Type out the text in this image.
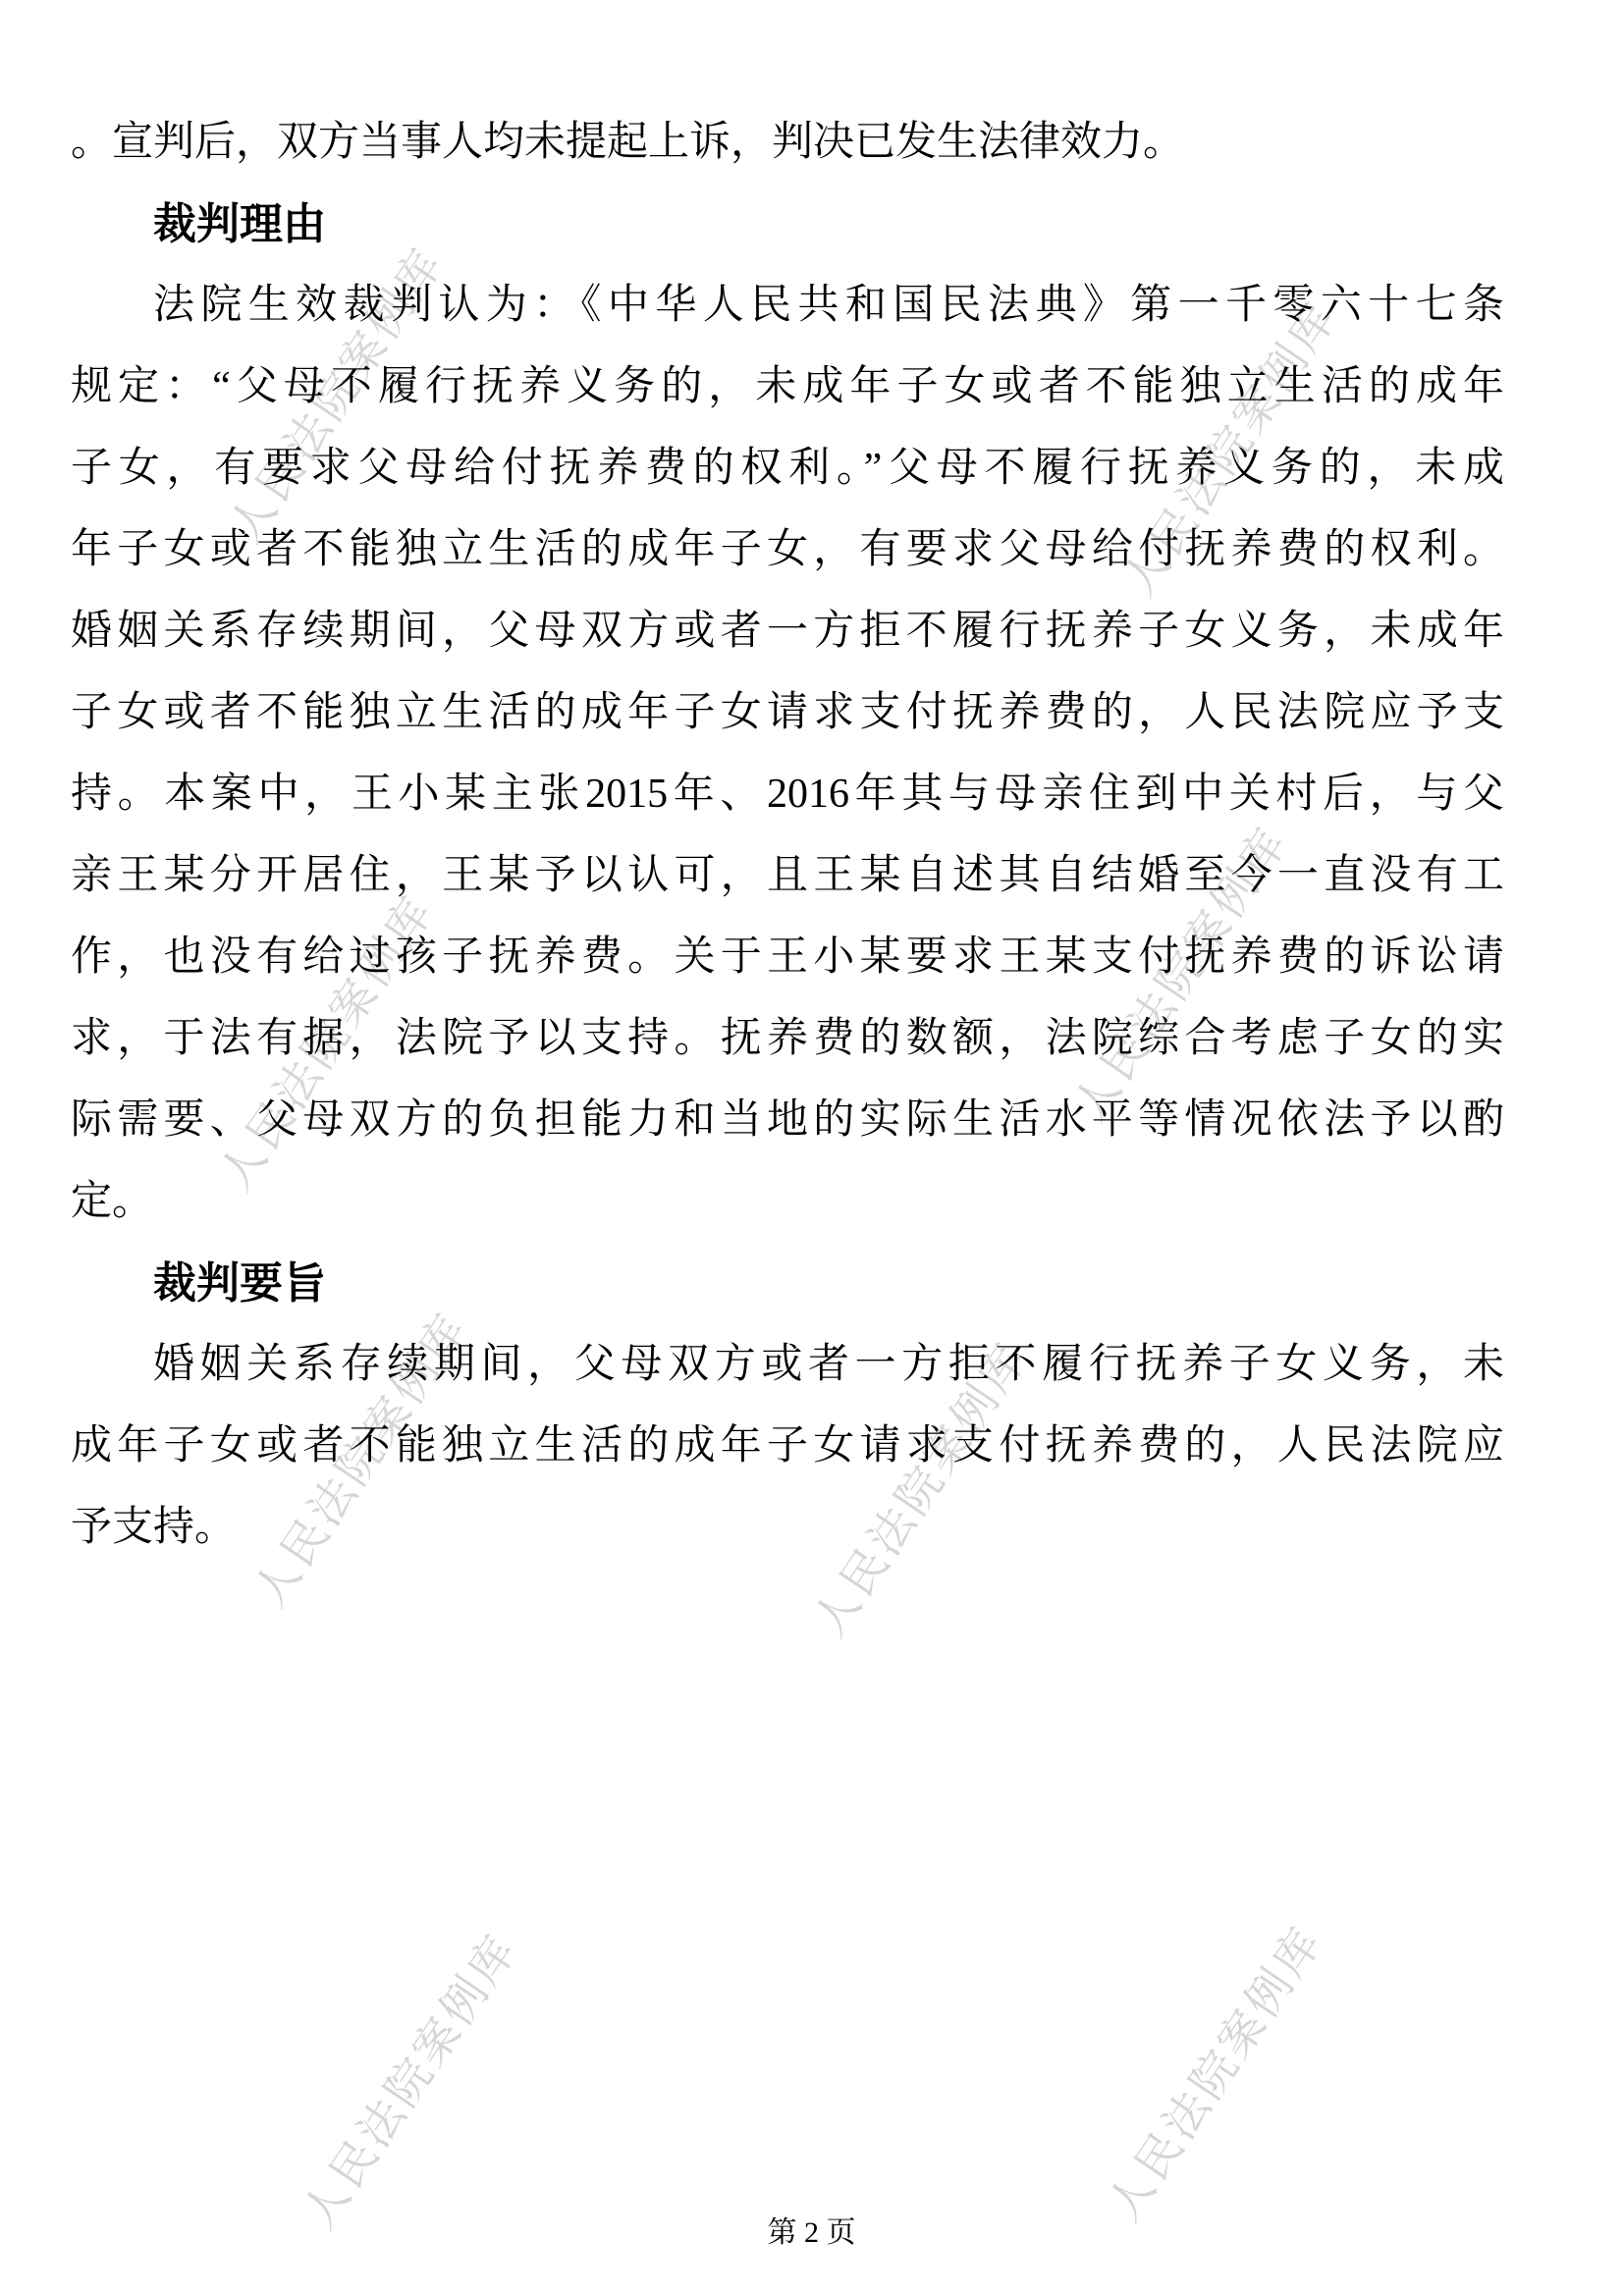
人民法院案例库	人民法院案例库
人民法院案例库	人民法院案例库
人民法院案例库	人民法院案例库
人民法院案例库	人民法院案例库

。宣判后，双方当事人均未提起上诉，判决已发生法律效力。

裁判理由

法院生效裁判认为：《中华人民共和国民法典》第一千零六十七条

规定：“父母不履行抚养义务的，未成年子女或者不能独立生活的成年

子女，有要求父母给付抚养费的权利。”父母不履行抚养义务的，未成

年子女或者不能独立生活的成年子女，有要求父母给付抚养费的权利。

婚姻关系存续期间，父母双方或者一方拒不履行抚养子女义务，未成年

子女或者不能独立生活的成年子女请求支付抚养费的，人民法院应予支

持。本案中，王小某主张2015年、2016年其与母亲住到中关村后，与父

亲王某分开居住，王某予以认可，且王某自述其自结婚至今一直没有工

作，也没有给过孩子抚养费。关于王小某要求王某支付抚养费的诉讼请

求，于法有据，法院予以支持。抚养费的数额，法院综合考虑子女的实

际需要、父母双方的负担能力和当地的实际生活水平等情况依法予以酌

定。

裁判要旨

婚姻关系存续期间，父母双方或者一方拒不履行抚养子女义务，未

成年子女或者不能独立生活的成年子女请求支付抚养费的，人民法院应

予支持。

第 2 页
